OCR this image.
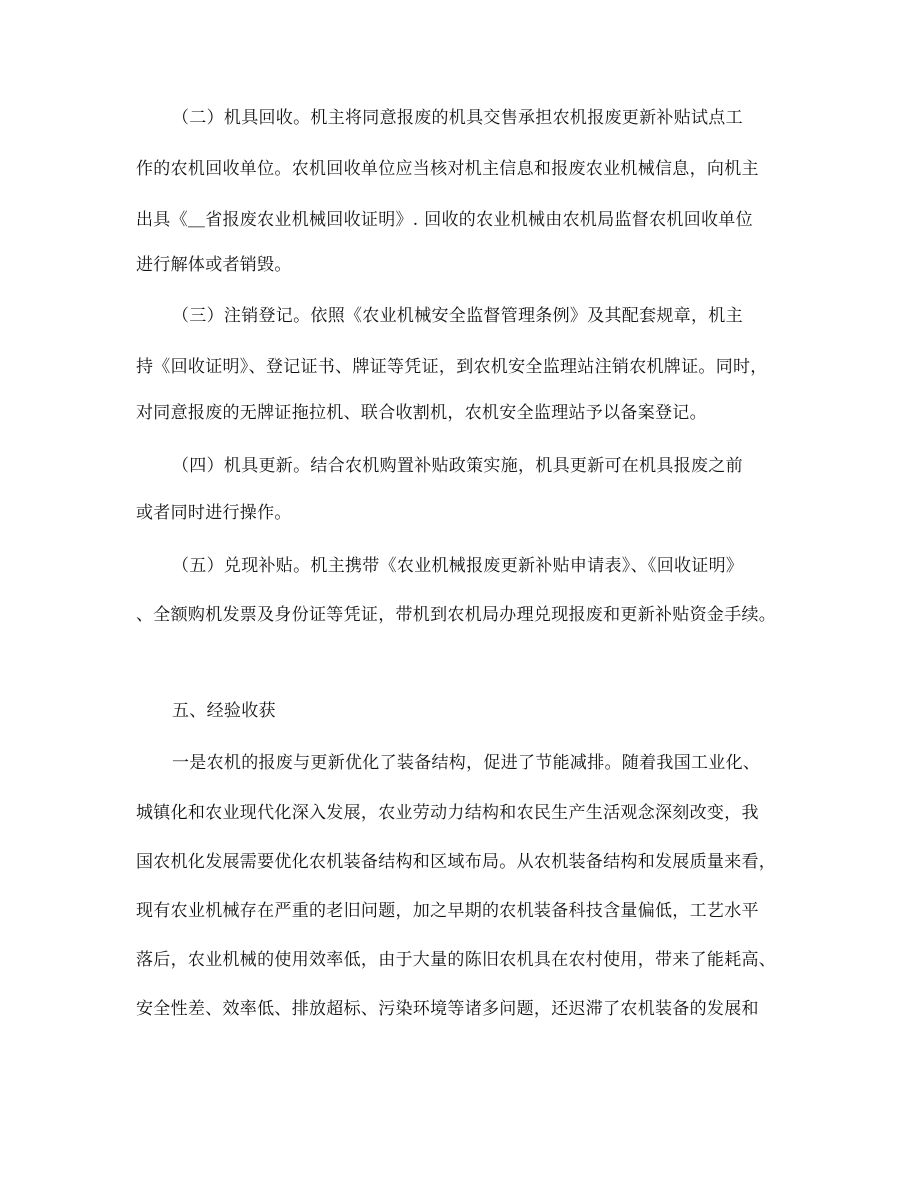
（二）机具回收。机主将同意报废的机具交售承担农机报废更新补贴试点工
作的农机回收单位。农机回收单位应当核对机主信息和报废农业机械信息，向机主
出具《＿省报废农业机械回收证明》. 回收的农业机械由农机局监督农机回收单位
进行解体或者销毁。
（三）注销登记。依照《农业机械安全监督管理条例》及其配套规章，机主
持《回收证明》、登记证书、牌证等凭证，到农机安全监理站注销农机牌证。同时，
对同意报废的无牌证拖拉机、联合收割机，农机安全监理站予以备案登记。
（四）机具更新。结合农机购置补贴政策实施，机具更新可在机具报废之前
或者同时进行操作。
（五）兑现补贴。机主携带《农业机械报废更新补贴申请表》、《回收证明》
、全额购机发票及身份证等凭证，带机到农机局办理兑现报废和更新补贴资金手续。
五、经验收获
一是农机的报废与更新优化了装备结构，促进了节能减排。随着我国工业化、
城镇化和农业现代化深入发展，农业劳动力结构和农民生产生活观念深刻改变，我
国农机化发展需要优化农机装备结构和区域布局。从农机装备结构和发展质量来看，
现有农业机械存在严重的老旧问题，加之早期的农机装备科技含量偏低，工艺水平
落后，农业机械的使用效率低，由于大量的陈旧农机具在农村使用，带来了能耗高、
安全性差、效率低、排放超标、污染环境等诸多问题，还迟滞了农机装备的发展和
